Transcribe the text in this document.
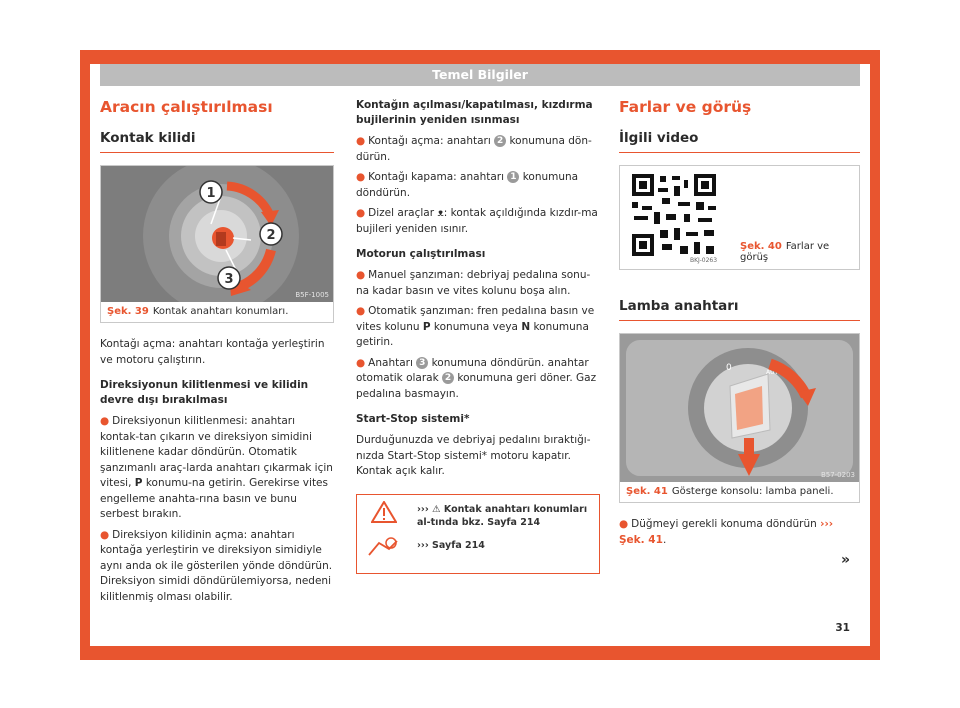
Temel Bilgiler
Aracın çalıştırılması
Kontak kilidi
1
2
3
B5F-1005
Şek. 39 Kontak anahtarı konumları.

Kontağı açma: anahtarı kontağa yerleştirin ve motoru çalıştırın.

Direksiyonun kilitlenmesi ve kilidin devre dışı bırakılması
● Direksiyonun kilitlenmesi: anahtarı kontak-tan çıkarın ve direksiyon simidini kilitlenene kadar döndürün. Otomatik şanzımanlı araç-larda anahtarı çıkarmak için vitesi, P konumu-na getirin. Gerekirse vites engelleme anahta-rına basın ve bunu serbest bırakın.
● Direksiyon kilidinin açma: anahtarı kontağa yerleştirin ve direksiyon simidiyle aynı anda ok ile gösterilen yönde döndürün. Direksiyon simidi döndürülemiyorsa, nedeni kilitlenmiş olması olabilir.
Kontağın açılması/kapatılması, kızdırma bujilerinin yeniden ısınması
● Kontağı açma: anahtarı 2 konumuna dön-dürün.
● Kontağı kapama: anahtarı 1 konumuna döndürün.
● Dizel araçlar ᴥ: kontak açıldığında kızdır-ma bujileri yeniden ısınır.
Motorun çalıştırılması
● Manuel şanzıman: debriyaj pedalına sonu-na kadar basın ve vites kolunu boşa alın.
● Otomatik şanzıman: fren pedalına basın ve vites kolunu P konumuna veya N konumuna getirin.
● Anahtarı 3 konumuna döndürün. anahtar otomatik olarak 2 konumuna geri döner. Gaz pedalına basmayın.
Start-Stop sistemi*

Durduğunuzda ve debriyaj pedalını bıraktığı-nızda Start-Stop sistemi* motoru kapatır. Kontak açık kalır.

››› ⚠ Kontak anahtarı konumları al-tında bkz. Sayfa 214
››› Sayfa 214
Farlar ve görüş
İlgili video
BKJ-0263
Şek. 40 Farlar ve görüş
Lamba anahtarı
0	AUTO
B57-0203
Şek. 41 Gösterge konsolu: lamba paneli.
● Düğmeyi gerekli konuma döndürün ››› Şek. 41.
»
31
